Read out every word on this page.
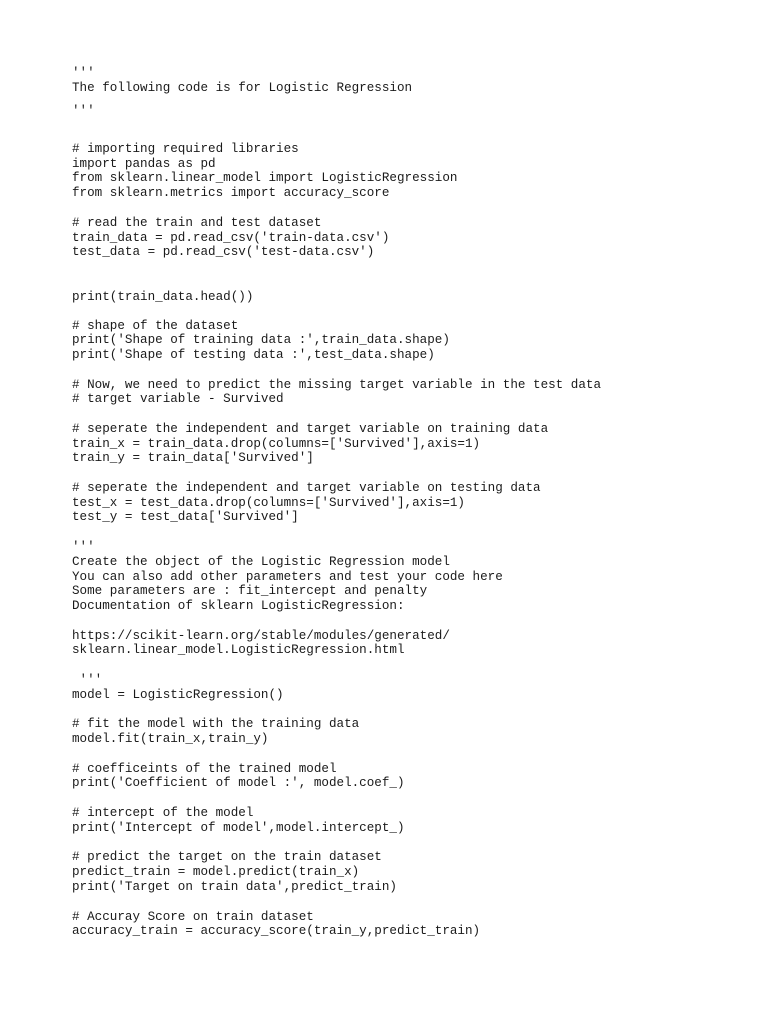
'''
The following code is for Logistic Regression
'''
# importing required libraries
import pandas as pd
from sklearn.linear_model import LogisticRegression
from sklearn.metrics import accuracy_score
# read the train and test dataset
train_data = pd.read_csv('train-data.csv')
test_data = pd.read_csv('test-data.csv')
print(train_data.head())
# shape of the dataset
print('Shape of training data :',train_data.shape)
print('Shape of testing data :',test_data.shape)
# Now, we need to predict the missing target variable in the test data
# target variable - Survived
# seperate the independent and target variable on training data
train_x = train_data.drop(columns=['Survived'],axis=1)
train_y = train_data['Survived']
# seperate the independent and target variable on testing data
test_x = test_data.drop(columns=['Survived'],axis=1)
test_y = test_data['Survived']
'''
Create the object of the Logistic Regression model
You can also add other parameters and test your code here
Some parameters are : fit_intercept and penalty
Documentation of sklearn LogisticRegression:
https://scikit-learn.org/stable/modules/generated/
sklearn.linear_model.LogisticRegression.html
'''
model = LogisticRegression()
# fit the model with the training data
model.fit(train_x,train_y)
# coefficeints of the trained model
print('Coefficient of model :', model.coef_)
# intercept of the model
print('Intercept of model',model.intercept_)
# predict the target on the train dataset
predict_train = model.predict(train_x)
print('Target on train data',predict_train)
# Accuray Score on train dataset
accuracy_train = accuracy_score(train_y,predict_train)
